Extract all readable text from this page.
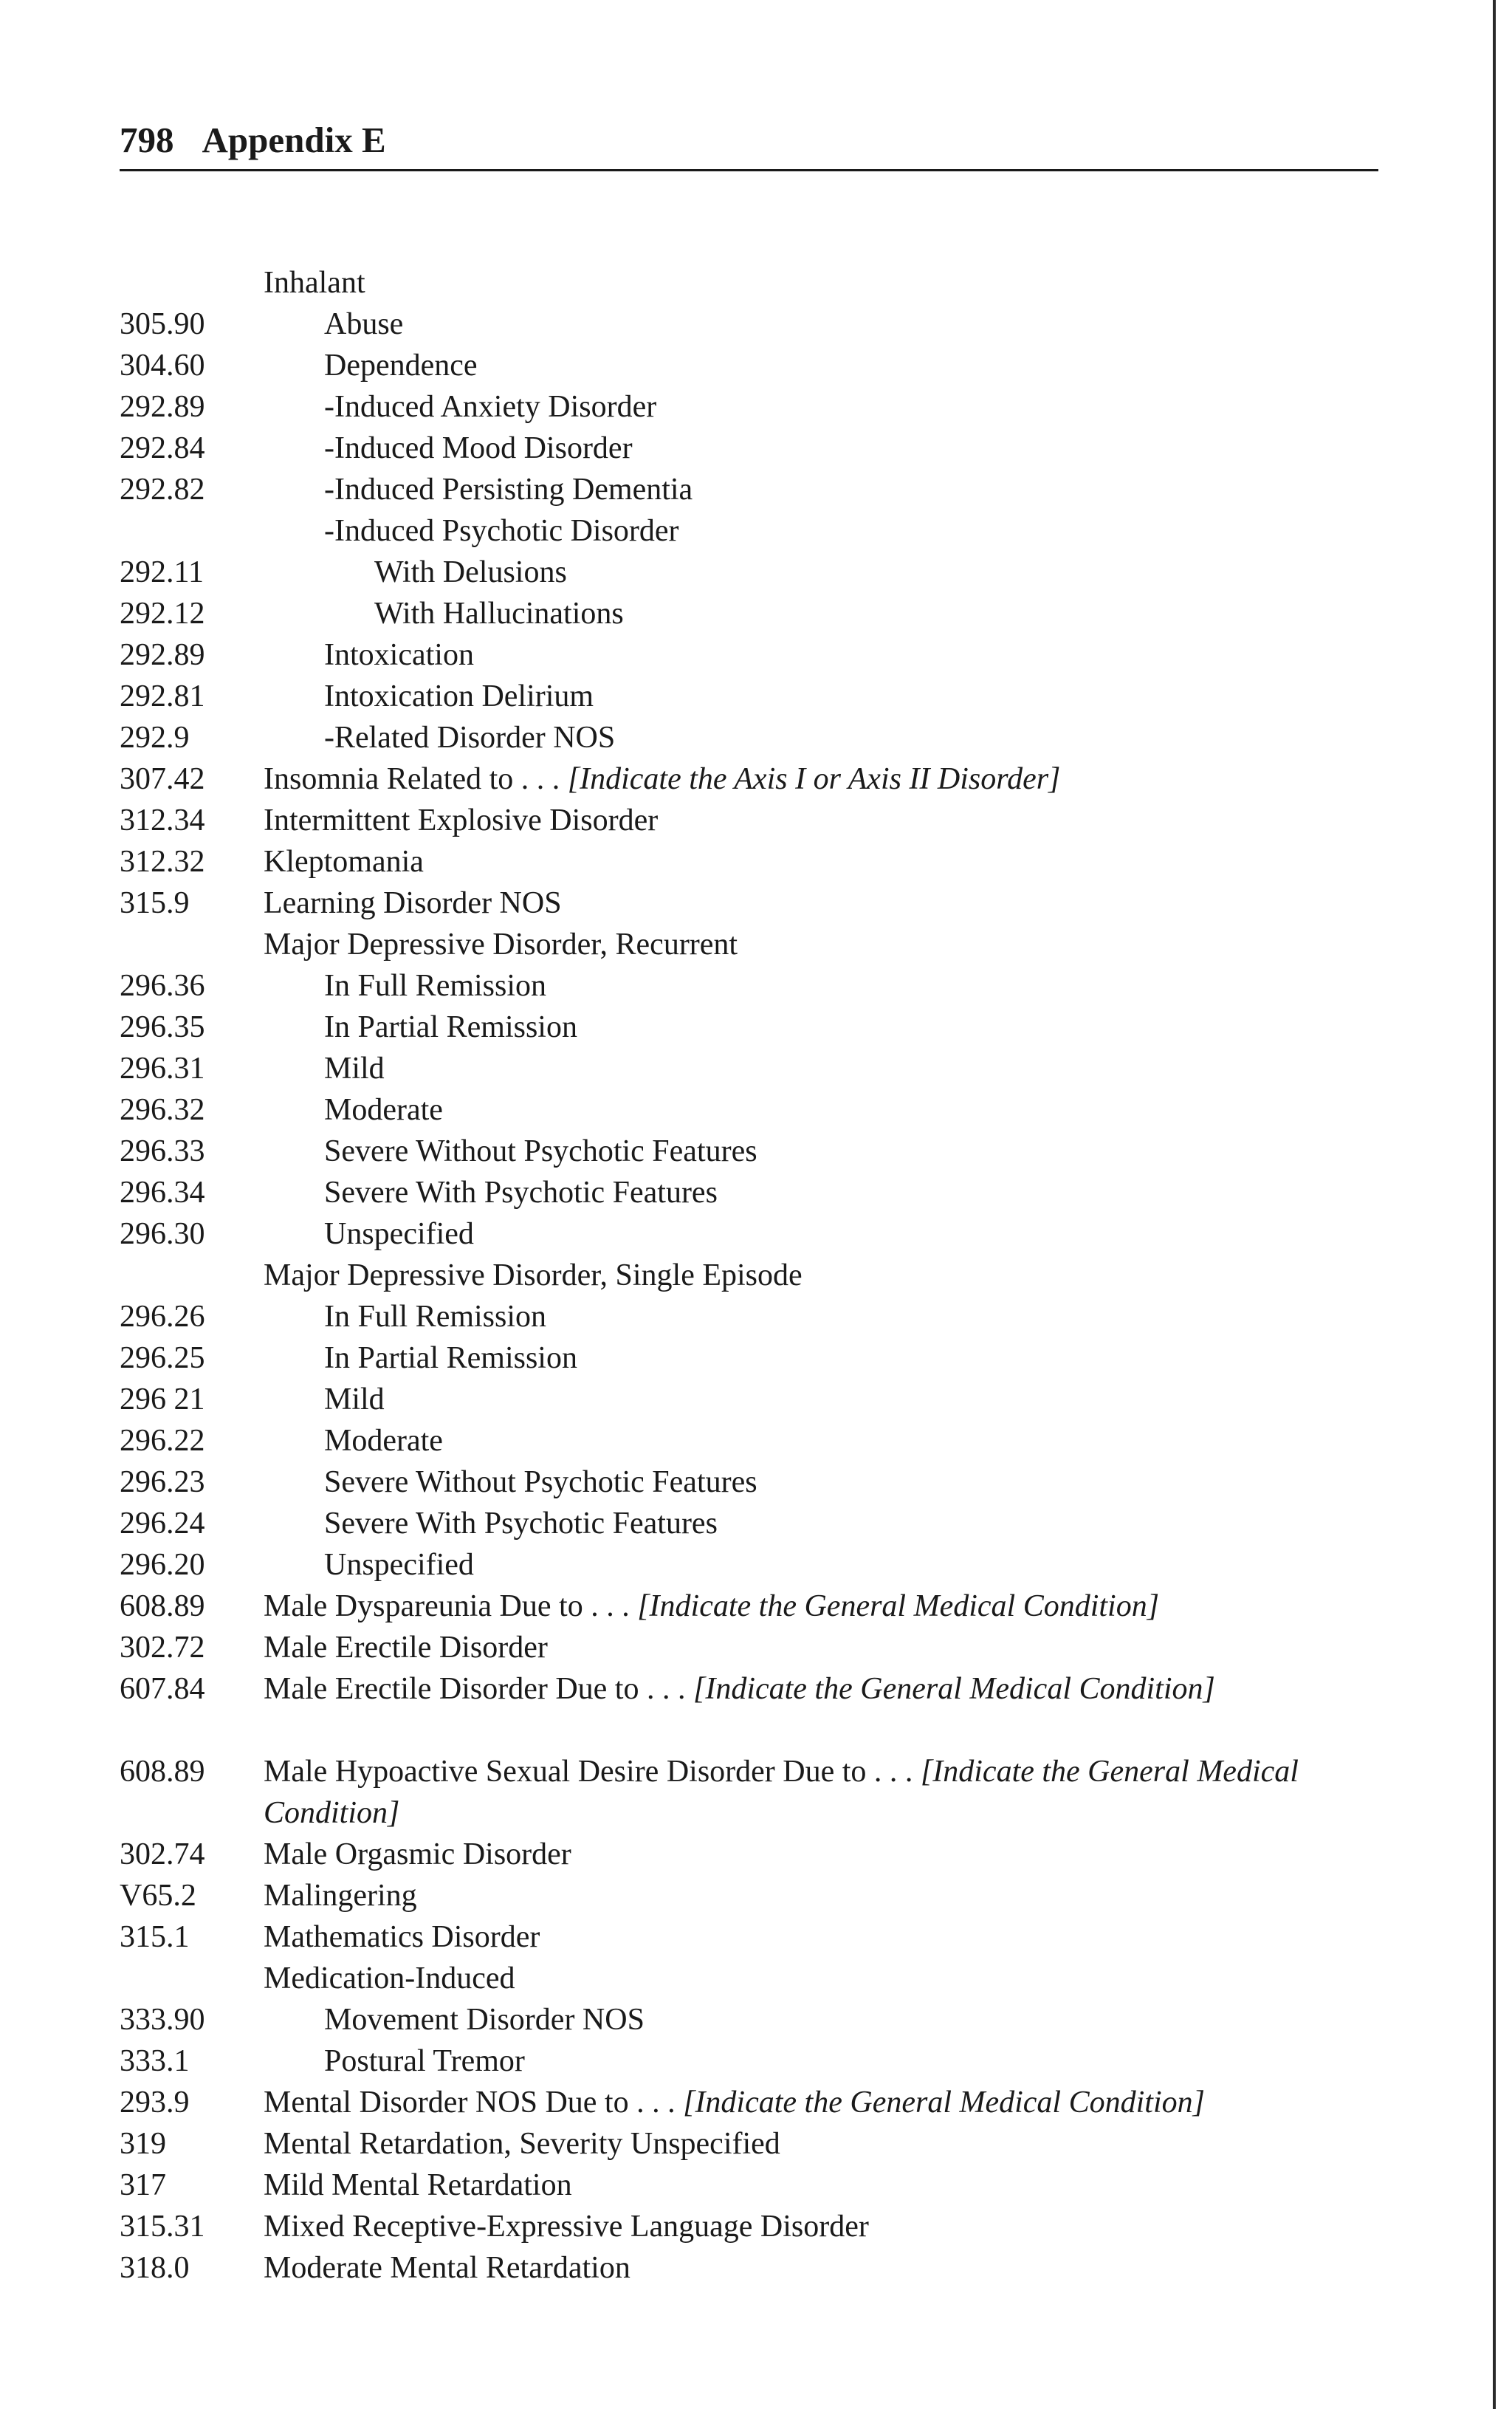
798 Appendix E
Inhalant
305.90	Abuse
304.60	Dependence
292.89	-Induced Anxiety Disorder
292.84	-Induced Mood Disorder
292.82	-Induced Persisting Dementia
-Induced Psychotic Disorder
292.11	With Delusions
292.12	With Hallucinations
292.89	Intoxication
292.81	Intoxication Delirium
292.9	-Related Disorder NOS
307.42 Insomnia Related to . . . [Indicate the Axis I or Axis II Disorder]
312.34 Intermittent Explosive Disorder
312.32 Kleptomania
315.9 Learning Disorder NOS
Major Depressive Disorder, Recurrent
296.36	In Full Remission
296.35	In Partial Remission
296.31	Mild
296.32	Moderate
296.33	Severe Without Psychotic Features
296.34	Severe With Psychotic Features
296.30	Unspecified
Major Depressive Disorder, Single Episode
296.26	In Full Remission
296.25	In Partial Remission
296 21	Mild
296.22	Moderate
296.23	Severe Without Psychotic Features
296.24	Severe With Psychotic Features
296.20	Unspecified
608.89 Male Dyspareunia Due to . . . [Indicate the General Medical Condition]
302.72 Male Erectile Disorder
607.84 Male Erectile Disorder Due to . . . [Indicate the General Medical Condition]
608.89 Male Hypoactive Sexual Desire Disorder Due to . . . [Indicate the General Medical Condition]
302.74 Male Orgasmic Disorder
V65.2 Malingering
315.1 Mathematics Disorder
Medication-Induced
333.90	Movement Disorder NOS
333.1	Postural Tremor
293.9 Mental Disorder NOS Due to . . . [Indicate the General Medical Condition]
319	Mental Retardation, Severity Unspecified
317	Mild Mental Retardation
315.31 Mixed Receptive-Expressive Language Disorder
318.0 Moderate Mental Retardation
